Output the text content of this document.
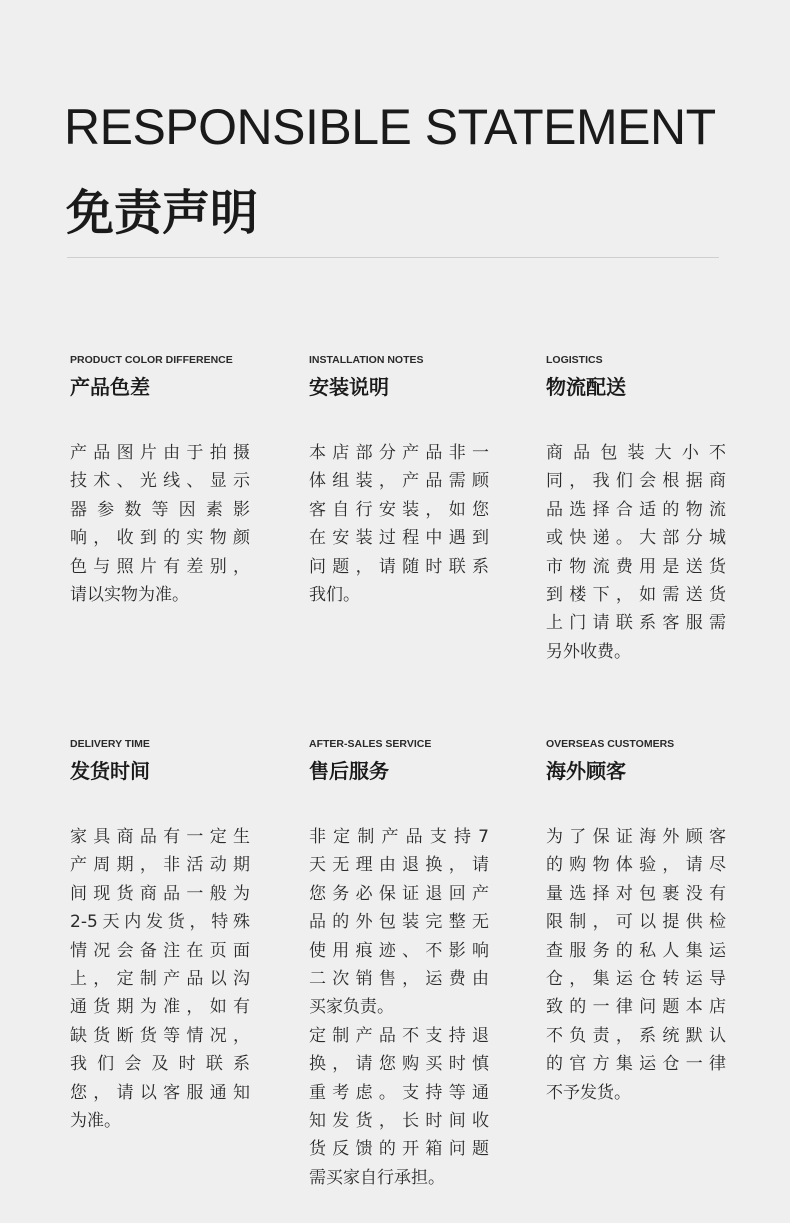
RESPONSIBLE STATEMENT
免责声明
PRODUCT COLOR DIFFERENCE
产品色差
产品图片由于拍摄
技术、光线、显示
器参数等因素影
响，收到的实物颜
色与照片有差别，
请以实物为准。
INSTALLATION NOTES
安装说明
本店部分产品非一
体组装，产品需顾
客自行安装，如您
在安装过程中遇到
问题，请随时联系
我们。
LOGISTICS
物流配送
商品包装大小不
同，我们会根据商
品选择合适的物流
或快递。大部分城
市物流费用是送货
到楼下，如需送货
上门请联系客服需
另外收费。
DELIVERY TIME
发货时间
家具商品有一定生
产周期，非活动期
间现货商品一般为
2-5天内发货，特殊
情况会备注在页面
上，定制产品以沟
通货期为准，如有
缺货断货等情况，
我们会及时联系
您，请以客服通知
为准。
AFTER-SALES SERVICE
售后服务
非定制产品支持7
天无理由退换，请
您务必保证退回产
品的外包装完整无
使用痕迹、不影响
二次销售，运费由
买家负责。
定制产品不支持退
换，请您购买时慎
重考虑。支持等通
知发货，长时间收
货反馈的开箱问题
需买家自行承担。
OVERSEAS CUSTOMERS
海外顾客
为了保证海外顾客
的购物体验，请尽
量选择对包裹没有
限制，可以提供检
查服务的私人集运
仓，集运仓转运导
致的一律问题本店
不负责，系统默认
的官方集运仓一律
不予发货。
